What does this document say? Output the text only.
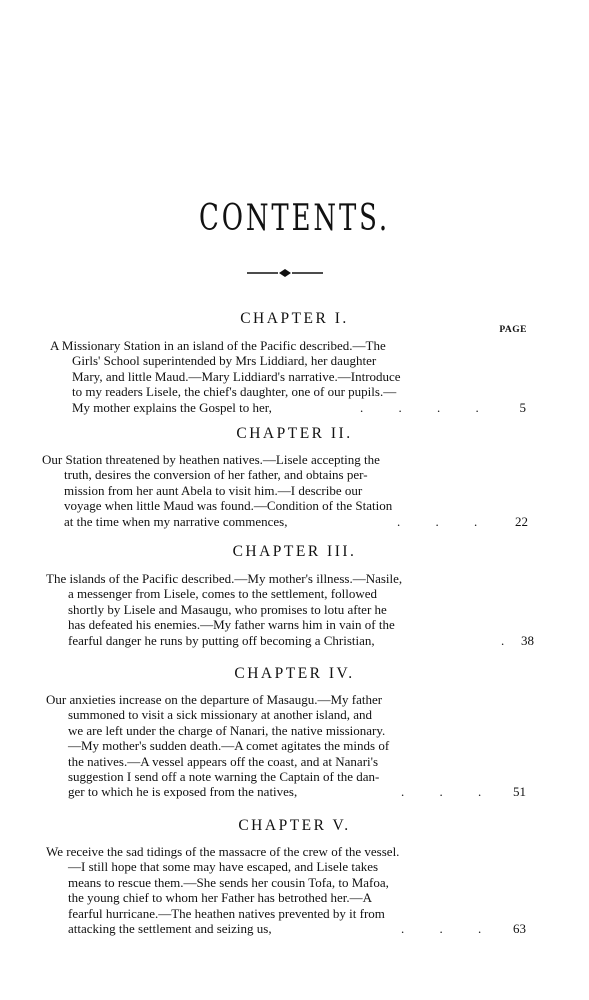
CONTENTS.
CHAPTER I.
PAGE
A Missionary Station in an island of the Pacific described.—The
Girls' School superintended by Mrs Liddiard, her daughter
Mary, and little Maud.—Mary Liddiard's narrative.—Introduce
to my readers Lisele, the chief's daughter, one of our pupils.—
My mother explains the Gospel to her,	. . . . 5
CHAPTER II.
Our Station threatened by heathen natives.—Lisele accepting the
truth, desires the conversion of her father, and obtains per-
mission from her aunt Abela to visit him.—I describe our
voyage when little Maud was found.—Condition of the Station
at the time when my narrative commences,	. . . 22
CHAPTER III.
The islands of the Pacific described.—My mother's illness.—Nasile,
a messenger from Lisele, comes to the settlement, followed
shortly by Lisele and Masaugu, who promises to lotu after he
has defeated his enemies.—My father warns him in vain of the
fearful danger he runs by putting off becoming a Christian,	. 38
CHAPTER IV.
Our anxieties increase on the departure of Masaugu.—My father
summoned to visit a sick missionary at another island, and
we are left under the charge of Nanari, the native missionary.
—My mother's sudden death.—A comet agitates the minds of
the natives.—A vessel appears off the coast, and at Nanari's
suggestion I send off a note warning the Captain of the dan-
ger to which he is exposed from the natives,	. . . 51
CHAPTER V.
We receive the sad tidings of the massacre of the crew of the vessel.
—I still hope that some may have escaped, and Lisele takes
means to rescue them.—She sends her cousin Tofa, to Mafoa,
the young chief to whom her Father has betrothed her.—A
fearful hurricane.—The heathen natives prevented by it from
attacking the settlement and seizing us,	. . . 63
